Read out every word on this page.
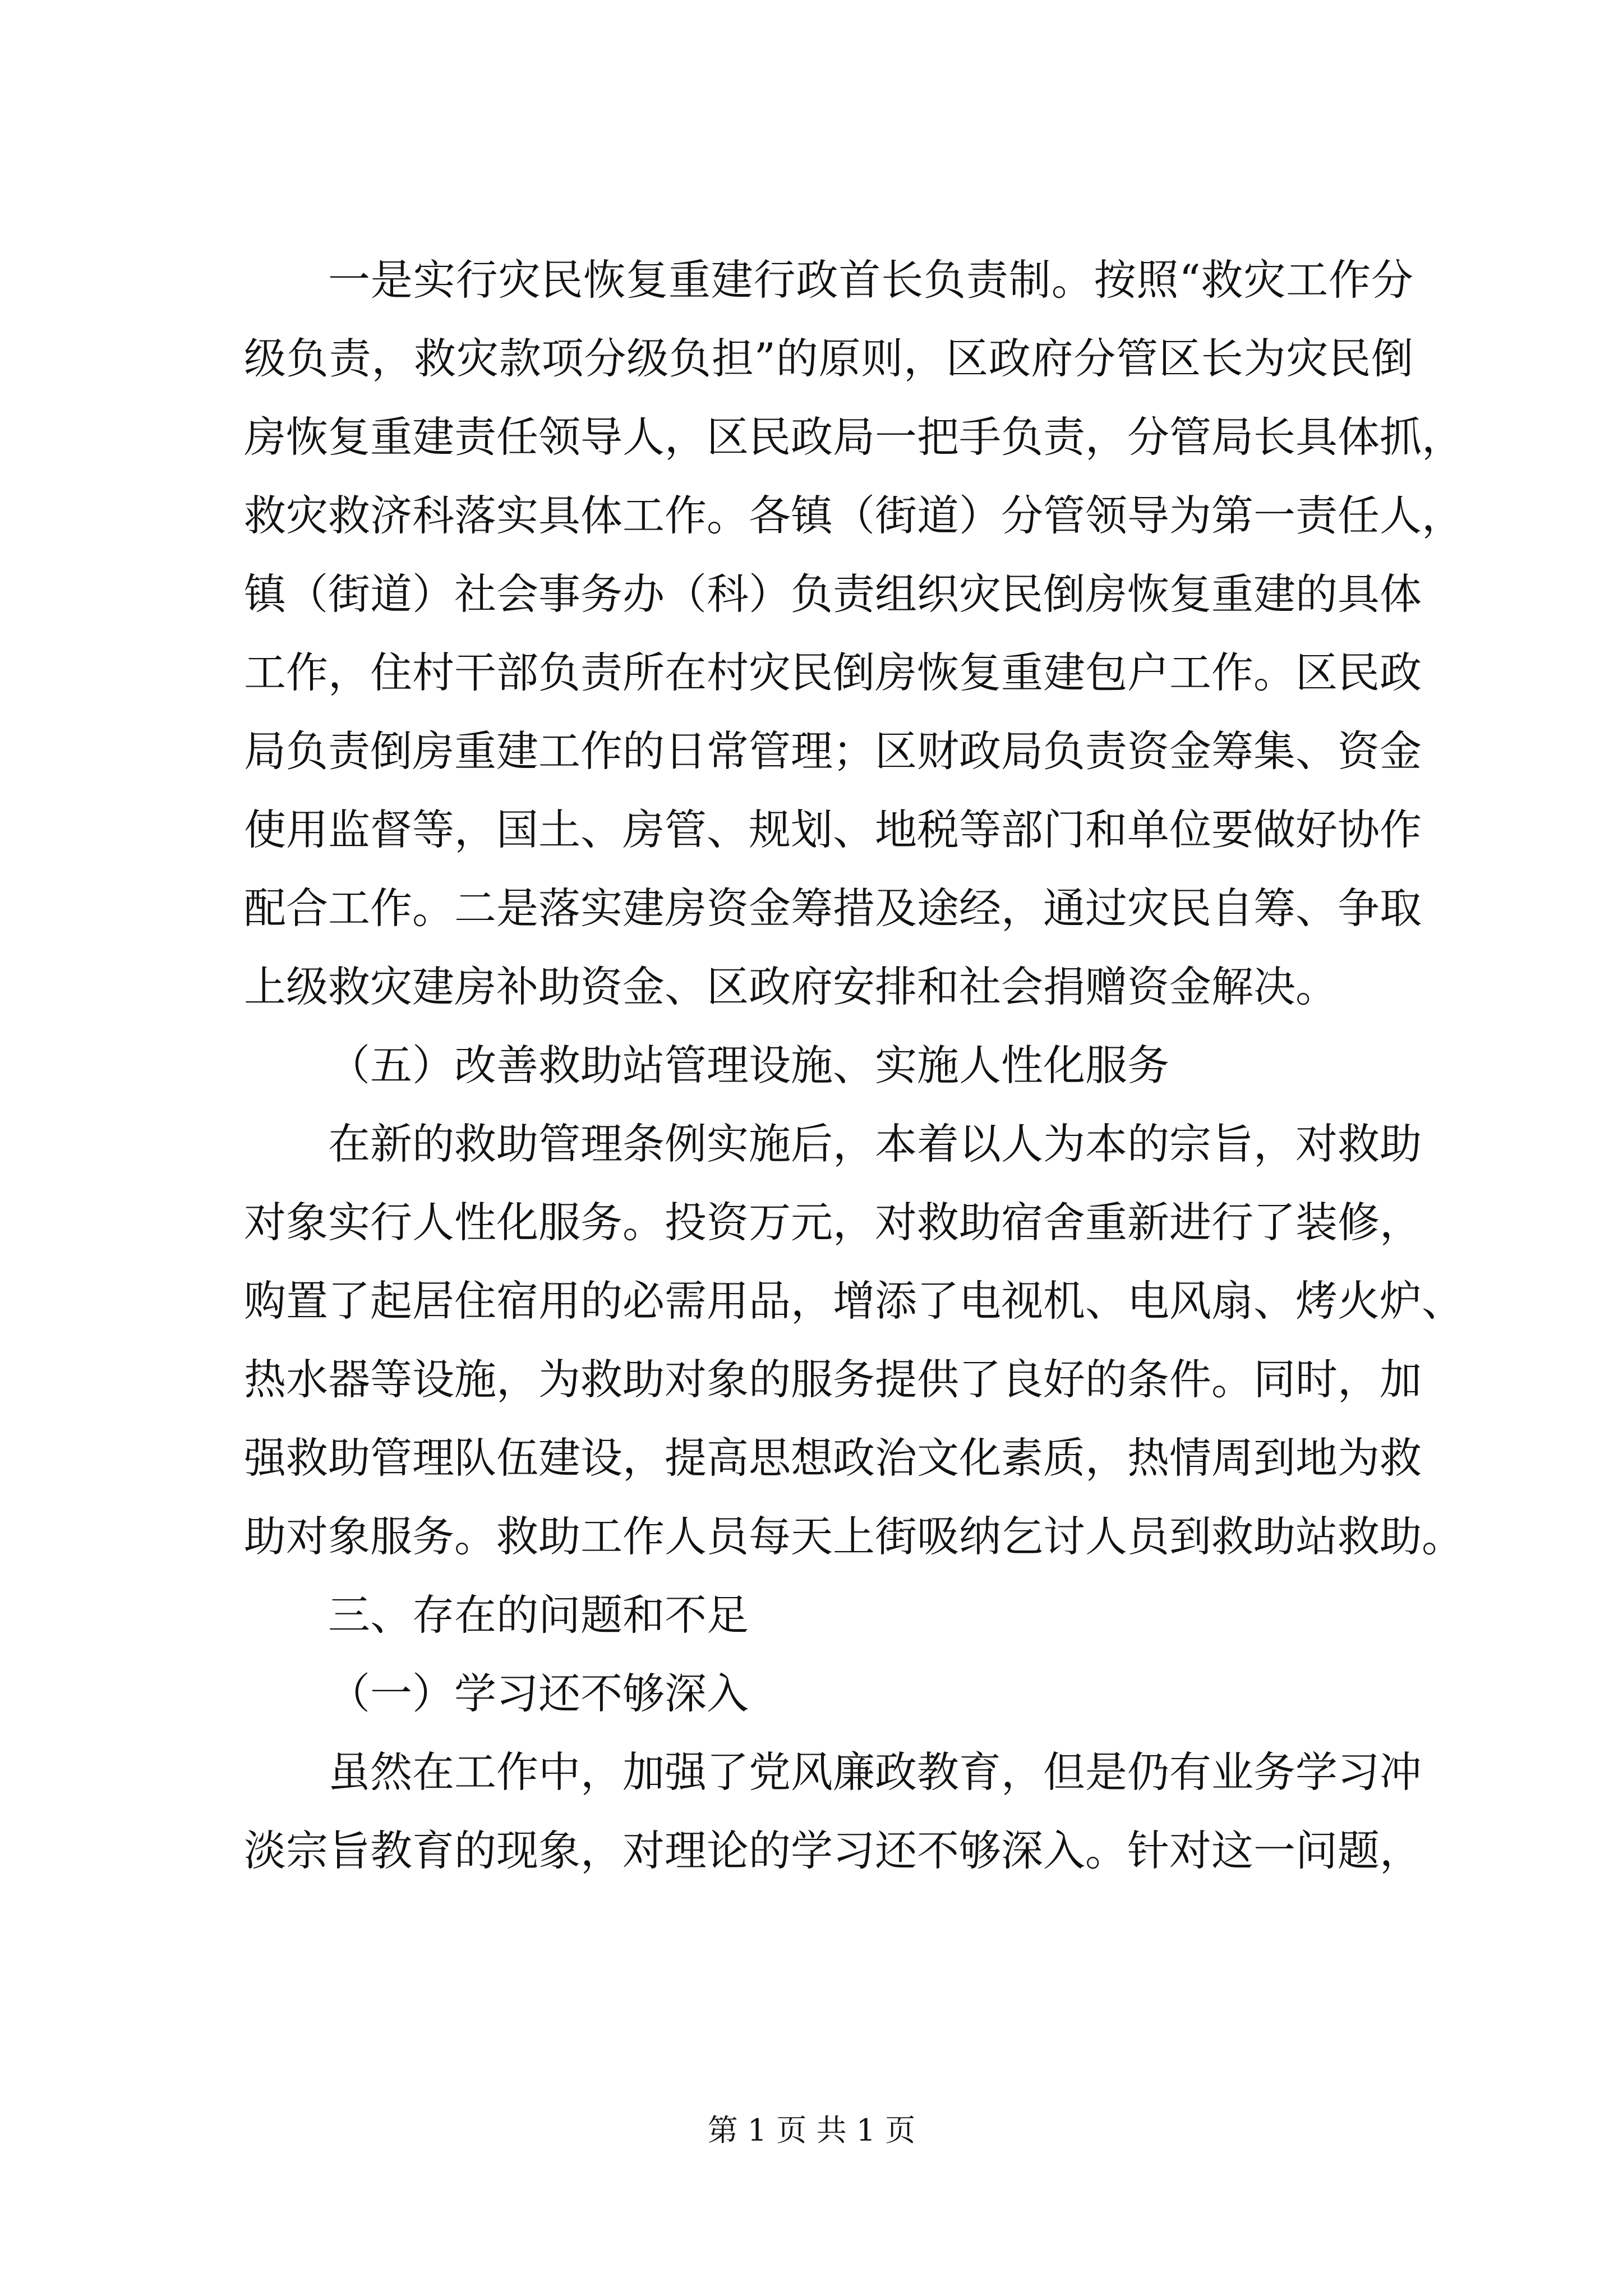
一是实行灾民恢复重建行政首长负责制。按照“救灾工作分
级负责，救灾款项分级负担”的原则，区政府分管区长为灾民倒
房恢复重建责任领导人，区民政局一把手负责，分管局长具体抓，
救灾救济科落实具体工作。各镇（街道）分管领导为第一责任人，
镇（街道）社会事务办（科）负责组织灾民倒房恢复重建的具体
工作，住村干部负责所在村灾民倒房恢复重建包户工作。区民政
局负责倒房重建工作的日常管理；区财政局负责资金筹集、资金
使用监督等，国土、房管、规划、地税等部门和单位要做好协作
配合工作。二是落实建房资金筹措及途经，通过灾民自筹、争取
上级救灾建房补助资金、区政府安排和社会捐赠资金解决。
（五）改善救助站管理设施、实施人性化服务
在新的救助管理条例实施后，本着以人为本的宗旨，对救助
对象实行人性化服务。投资万元，对救助宿舍重新进行了装修，
购置了起居住宿用的必需用品，增添了电视机、电风扇、烤火炉、
热水器等设施，为救助对象的服务提供了良好的条件。同时，加
强救助管理队伍建设，提高思想政治文化素质，热情周到地为救
助对象服务。救助工作人员每天上街吸纳乞讨人员到救助站救助。
三、存在的问题和不足
（一）学习还不够深入
虽然在工作中，加强了党风廉政教育，但是仍有业务学习冲
淡宗旨教育的现象，对理论的学习还不够深入。针对这一问题，
第 1 页 共 1 页
